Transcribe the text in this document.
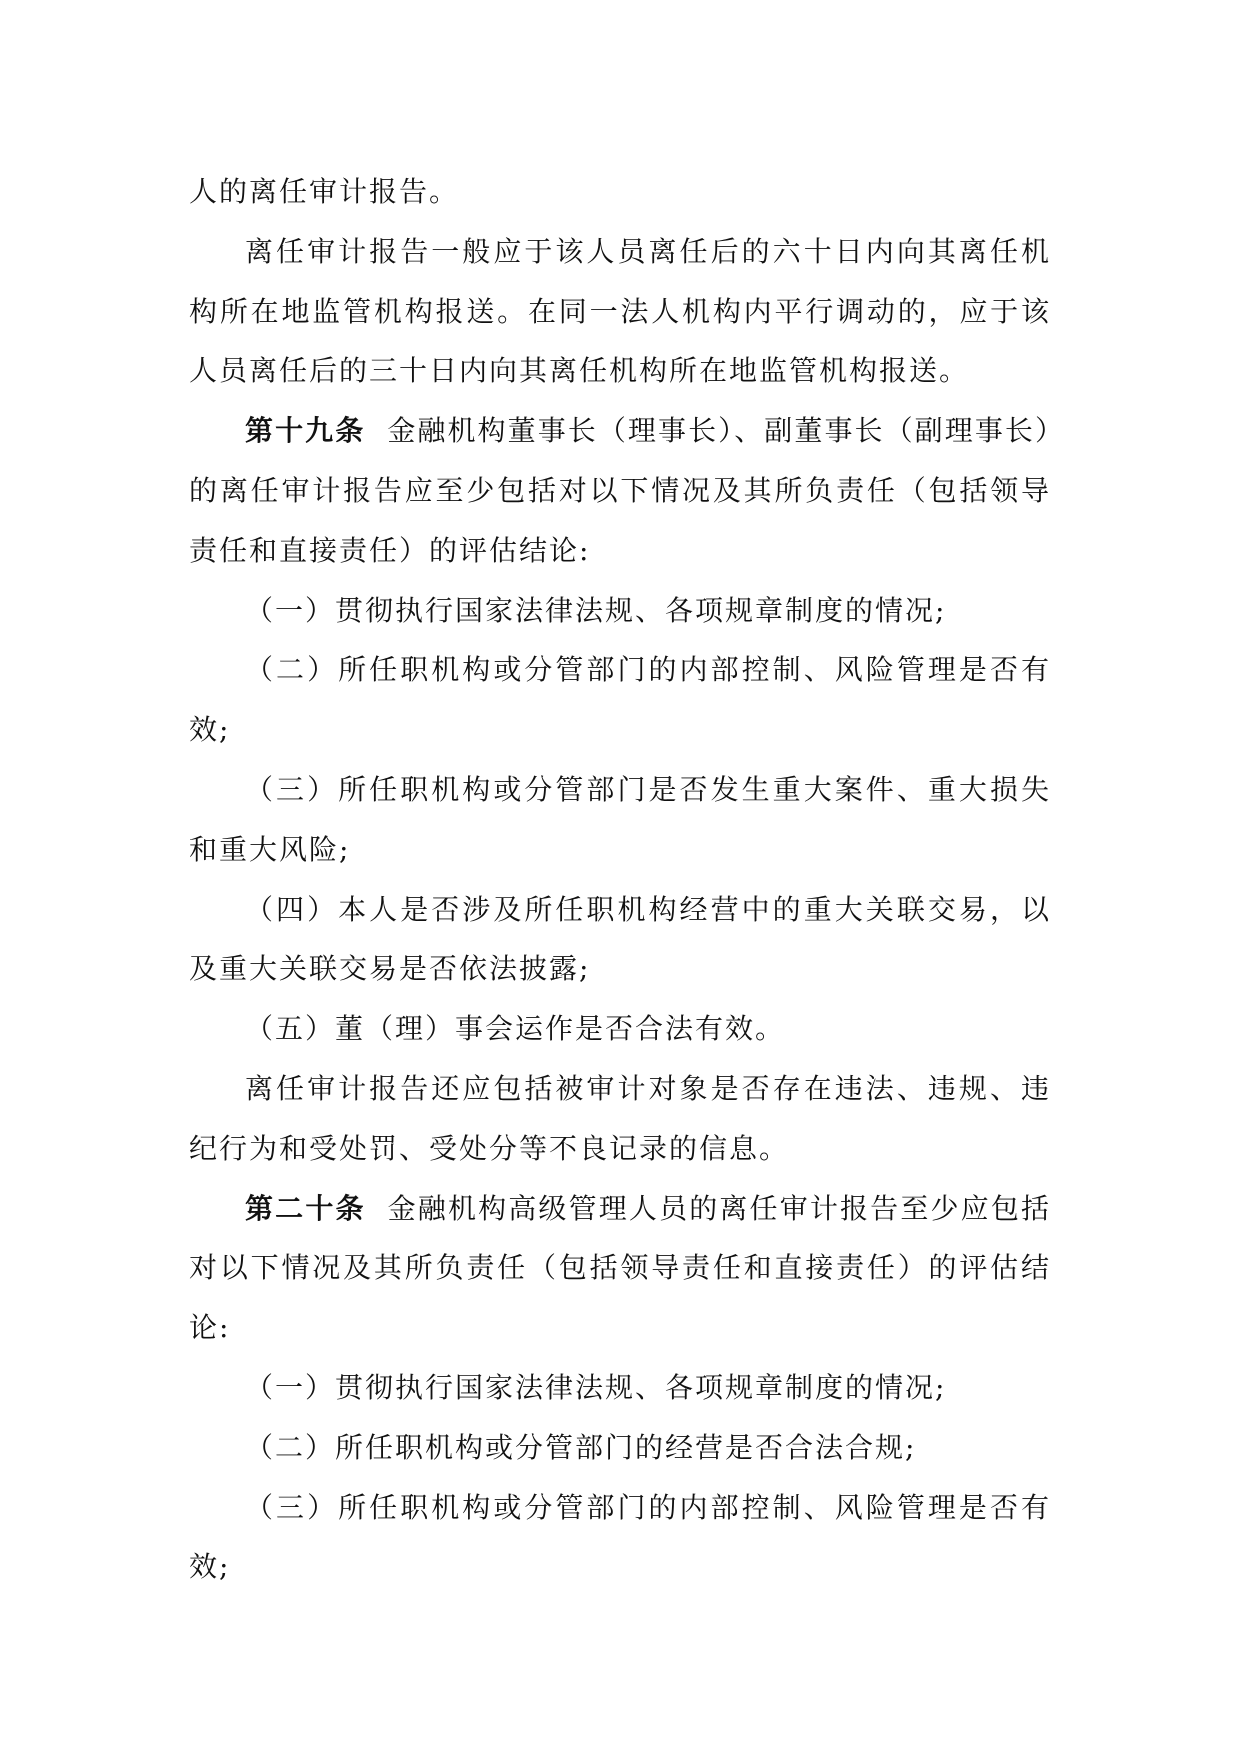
人的离任审计报告。

离任审计报告一般应于该人员离任后的六十日内向其离任机构所在地监管机构报送。在同一法人机构内平行调动的，应于该人员离任后的三十日内向其离任机构所在地监管机构报送。

第十九条 金融机构董事长（理事长）、副董事长（副理事长）的离任审计报告应至少包括对以下情况及其所负责任（包括领导责任和直接责任）的评估结论:

（一）贯彻执行国家法律法规、各项规章制度的情况;

（二）所任职机构或分管部门的内部控制、风险管理是否有效;

（三）所任职机构或分管部门是否发生重大案件、重大损失和重大风险;

（四）本人是否涉及所任职机构经营中的重大关联交易，以及重大关联交易是否依法披露;

（五）董（理）事会运作是否合法有效。

离任审计报告还应包括被审计对象是否存在违法、违规、违纪行为和受处罚、受处分等不良记录的信息。

第二十条 金融机构高级管理人员的离任审计报告至少应包括对以下情况及其所负责任（包括领导责任和直接责任）的评估结论:

（一）贯彻执行国家法律法规、各项规章制度的情况;

（二）所任职机构或分管部门的经营是否合法合规;

（三）所任职机构或分管部门的内部控制、风险管理是否有效;
